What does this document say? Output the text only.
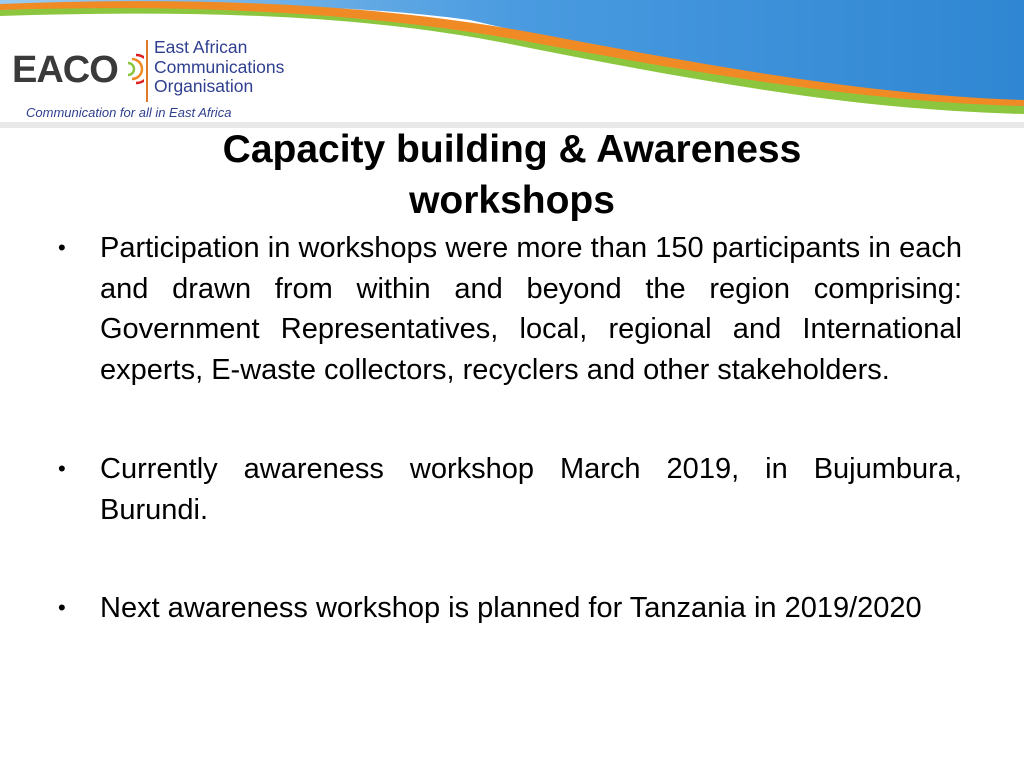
EACO
East African
Communications
Organisation
Communication for all in East Africa
Capacity building & Awareness
workshops
•	Participation in workshops were more than 150 participants in each and drawn from within and beyond the region comprising: Government Representatives, local, regional and International experts, E-waste collectors, recyclers and other stakeholders.
•	Currently awareness workshop March 2019, in Bujumbura, Burundi.
•	Next awareness workshop is planned for Tanzania in 2019/2020
